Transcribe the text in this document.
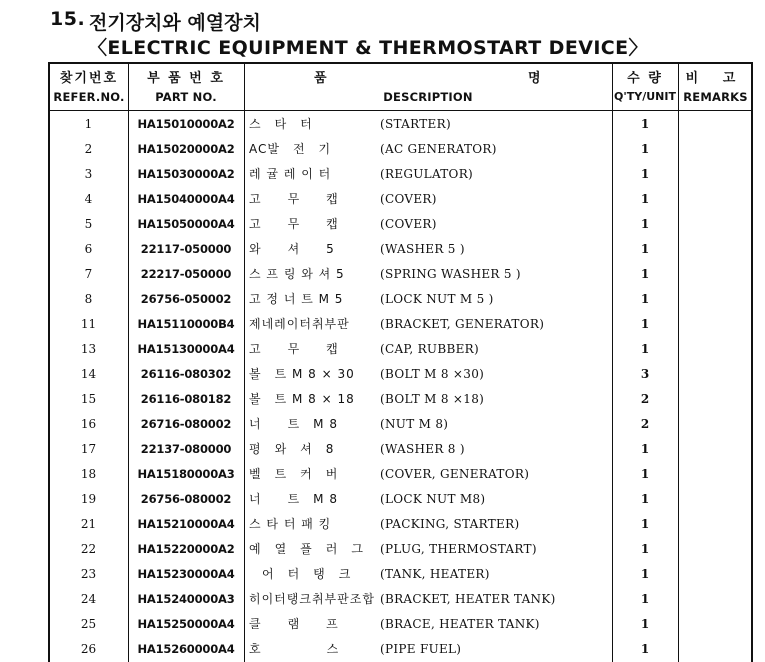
15. 전기장치와 예열장치
〈ELECTRIC EQUIPMENT & THERMOSTART DEVICE〉
찾기번호
REFER.NO.
부 품 번 호
PART NO.
품	명
DESCRIPTION
수 량
Q'TY/UNIT
비 고
REMARKS
1	HA15010000A2	스　타　터	(STARTER)	1
2	HA15020000A2	AC발　전　기	(AC GENERATOR)	1
3	HA15030000A2	레 귤 레 이 터	(REGULATOR)	1
4	HA15040000A4	고　　무　　캡	(COVER)	1
5	HA15050000A4	고　　무　　캡	(COVER)	1
6	22117-050000	와　　셔　　5	(WASHER 5 )	1
7	22217-050000	스 프 링 와 셔 5	(SPRING WASHER 5 )	1
8	26756-050002	고 정 너 트 M 5	(LOCK NUT M 5 )	1
11	HA15110000B4	제네레이터취부판	(BRACKET, GENERATOR)	1
13	HA15130000A4	고　　무　　캡	(CAP, RUBBER)	1
14	26116-080302	볼　트 M 8 × 30	(BOLT M 8 ×30)	3
15	26116-080182	볼　트 M 8 × 18	(BOLT M 8 ×18)	2
16	26716-080002	너　　트　M 8	(NUT M 8)	2
17	22137-080000	평　와　셔　8	(WASHER 8 )	1
18	HA15180000A3	벨　트　커　버	(COVER, GENERATOR)	1
19	26756-080002	너　　트　M 8	(LOCK NUT M8)	1
21	HA15210000A4	스 타 터 패 킹	(PACKING, STARTER)	1
22	HA15220000A2	예　열　플　러　그 (PLUG, THERMOSTART)	1
23	HA15230000A4	　어　터　탱　크	(TANK, HEATER)	1
24	HA15240000A3	히이터탱크취부판조합 (BRACKET, HEATER TANK)	1
25	HA15250000A4	클　　램　　프	(BRACE, HEATER TANK)	1
26	HA15260000A4	호　　　　　스	(PIPE FUEL)	1
